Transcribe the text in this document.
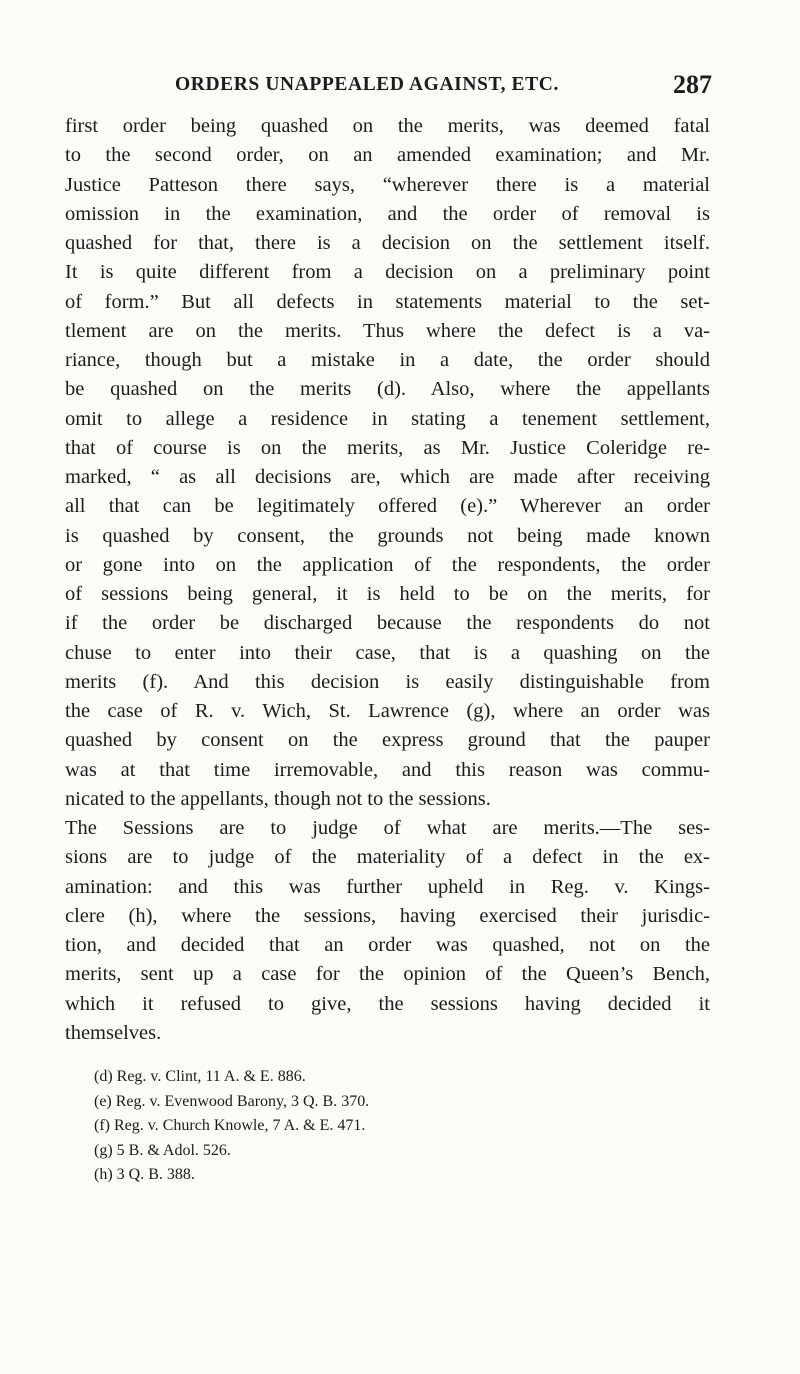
ORDERS UNAPPEALED AGAINST, ETC.	287
first order being quashed on the merits, was deemed fatal
to the second order, on an amended examination; and Mr.
Justice Patteson there says, “wherever there is a material
omission in the examination, and the order of removal is
quashed for that, there is a decision on the settlement itself.
It is quite different from a decision on a preliminary point
of form.” But all defects in statements material to the set-
tlement are on the merits. Thus where the defect is a va-
riance, though but a mistake in a date, the order should
be quashed on the merits (d). Also, where the appellants
omit to allege a residence in stating a tenement settlement,
that of course is on the merits, as Mr. Justice Coleridge re-
marked, “ as all decisions are, which are made after receiving
all that can be legitimately offered (e).” Wherever an order
is quashed by consent, the grounds not being made known
or gone into on the application of the respondents, the order
of sessions being general, it is held to be on the merits, for
if the order be discharged because the respondents do not
chuse to enter into their case, that is a quashing on the
merits (f). And this decision is easily distinguishable from
the case of R. v. Wich, St. Lawrence (g), where an order was
quashed by consent on the express ground that the pauper
was at that time irremovable, and this reason was commu-
nicated to the appellants, though not to the sessions.
The Sessions are to judge of what are merits.—The ses-
sions are to judge of the materiality of a defect in the ex-
amination: and this was further upheld in Reg. v. Kings-
clere (h), where the sessions, having exercised their jurisdic-
tion, and decided that an order was quashed, not on the
merits, sent up a case for the opinion of the Queen’s Bench,
which it refused to give, the sessions having decided it
themselves.
(d) Reg. v. Clint, 11 A. & E. 886.
(e) Reg. v. Evenwood Barony, 3 Q. B. 370.
(f) Reg. v. Church Knowle, 7 A. & E. 471.
(g) 5 B. & Adol. 526.
(h) 3 Q. B. 388.
